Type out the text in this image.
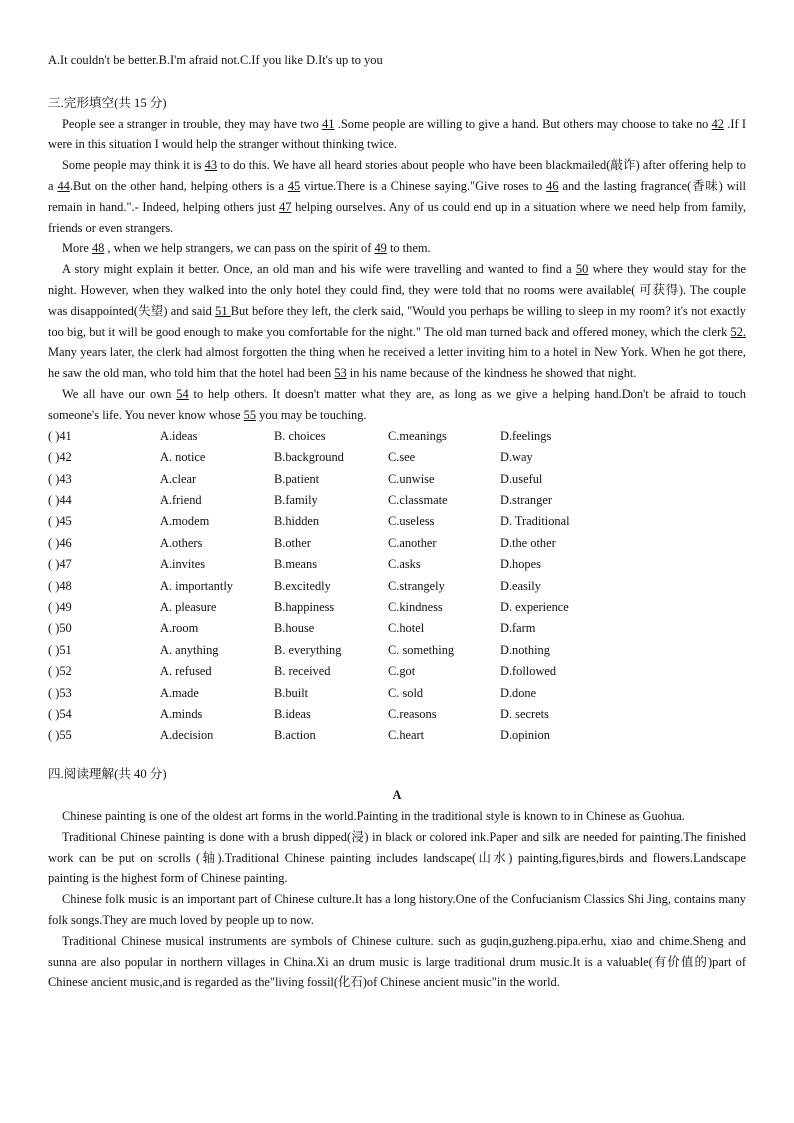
A.It couldn't be better.B.I'm afraid not.C.If you like D.It's up to you
三.完形填空(共 15 分)

People see a stranger in trouble, they may have two 41 .Some people are willing to give a hand. But others may choose to take no 42 .If I were in this situation I would help the stranger without thinking twice.

Some people may think it is 43 to do this. We have all heard stories about people who have been blackmailed(敲诈) after offering help to a 44.But on the other hand, helping others is a 45 virtue.There is a Chinese saying."Give roses to 46 and the lasting fragrance(香味) will remain in hand.".- Indeed, helping others just 47 helping ourselves. Any of us could end up in a situation where we need help from family, friends or even strangers.

More 48 , when we help strangers, we can pass on the spirit of 49 to them.

A story might explain it better. Once, an old man and his wife were travelling and wanted to find a 50 where they would stay for the night. However, when they walked into the only hotel they could find, they were told that no rooms were available( 可获得). The couple was disappointed(失望) and said 51 But before they left, the clerk said, "Would you perhaps be willing to sleep in my room? it's not exactly too big, but it will be good enough to make you comfortable for the night." The old man turned back and offered money, which the clerk 52. Many years later, the clerk had almost forgotten the thing when he received a letter inviting him to a hotel in New York. When he got there, he saw the old man, who told him that the hotel had been 53 in his name because of the kindness he showed that night.

We all have our own 54 to help others. It doesn't matter what they are, as long as we give a helping hand.Don't be afraid to touch someone's life. You never know whose 55 you may be touching.

( )41	A.ideas	B. choices	C.meanings	D.feelings
( )42	A. notice	B.background	C.see	D.way
( )43	A.clear	B.patient	C.unwise	D.useful
( )44	A.friend	B.family	C.classmate	D.stranger
( )45	A.modem	B.hidden	C.useless	D. Traditional
( )46	A.others	B.other	C.another	D.the other
( )47	A.invites	B.means	C.asks	D.hopes
( )48	A. importantly	B.excitedly	C.strangely	D.easily
( )49	A. pleasure	B.happiness	C.kindness	D. experience
( )50	A.room	B.house	C.hotel	D.farm
( )51	A. anything	B. everything	C. something	D.nothing
( )52	A. refused	B. received	C.got	D.followed
( )53	A.made	B.built	C. sold	D.done
( )54	A.minds	B.ideas	C.reasons	D. secrets
( )55	A.decision	B.action	C.heart	D.opinion
四.阅读理解(共 40 分)

A

Chinese painting is one of the oldest art forms in the world.Painting in the traditional style is known to in Chinese as Guohua.

Traditional Chinese painting is done with a brush dipped(浸) in black or colored ink.Paper and silk are needed for painting.The finished work can be put on scrolls (轴).Traditional Chinese painting includes landscape(山水) painting,figures,birds and flowers.Landscape painting is the highest form of Chinese painting.

Chinese folk music is an important part of Chinese culture.It has a long history.One of the Confucianism Classics Shi Jing, contains many folk songs.They are much loved by people up to now.

Traditional Chinese musical instruments are symbols of Chinese culture. such as guqin,guzheng.pipa.erhu, xiao and chime.Sheng and sunna are also popular in northern villages in China.Xi an drum music is large traditional drum music.It is a valuable(有价值的)part of Chinese ancient music,and is regarded as the"living fossil(化石)of Chinese ancient music"in the world.
